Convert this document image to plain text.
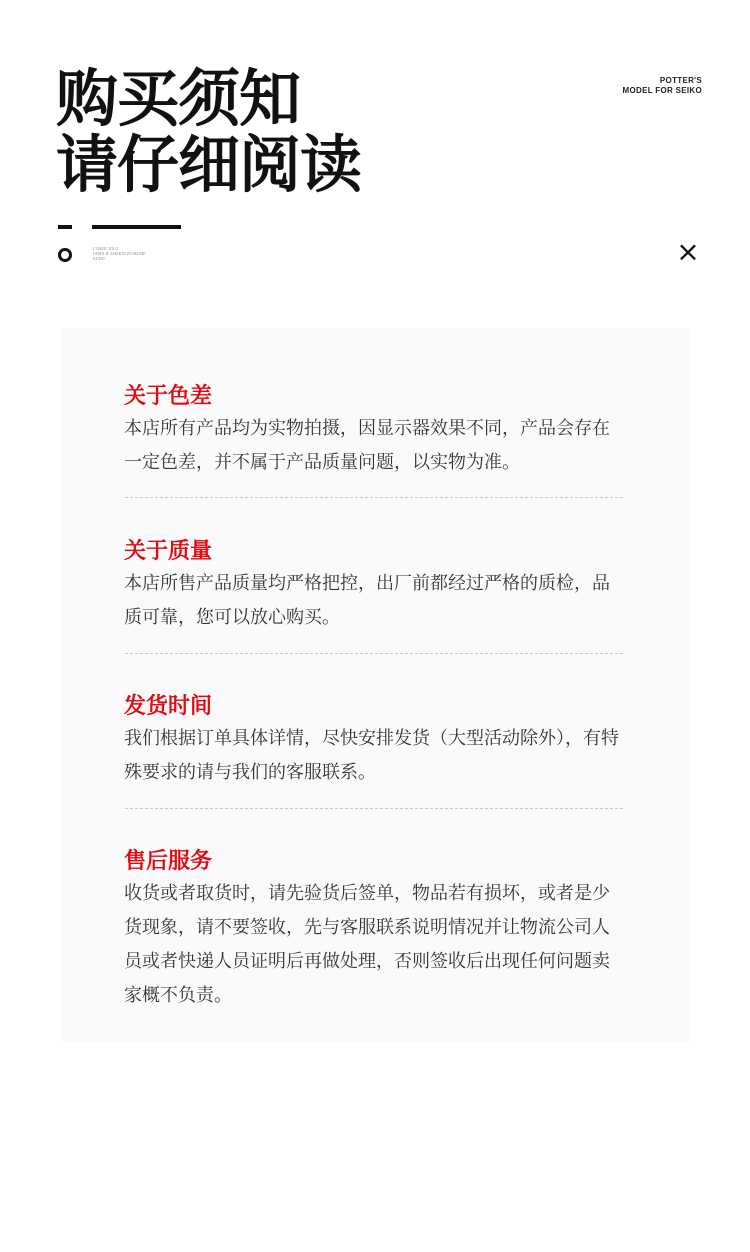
购买须知
请仔细阅读
POTTER'S
MODEL FOR SEIKO
CI.IKDC IGLO
ONIIN·IF ZSIEKIN,ZIf SIZAIE
KUNO	×
关于色差

本店所有产品均为实物拍摄，因显示器效果不同，产品会存在一定色差，并不属于产品质量问题，以实物为准。

关于质量

本店所售产品质量均严格把控，出厂前都经过严格的质检，品质可靠，您可以放心购买。

发货时间

我们根据订单具体详情，尽快安排发货（大型活动除外），有特殊要求的请与我们的客服联系。

售后服务

收货或者取货时，请先验货后签单，物品若有损坏，或者是少货现象，请不要签收，先与客服联系说明情况并让物流公司人员或者快递人员证明后再做处理，否则签收后出现任何问题卖家概不负责。
